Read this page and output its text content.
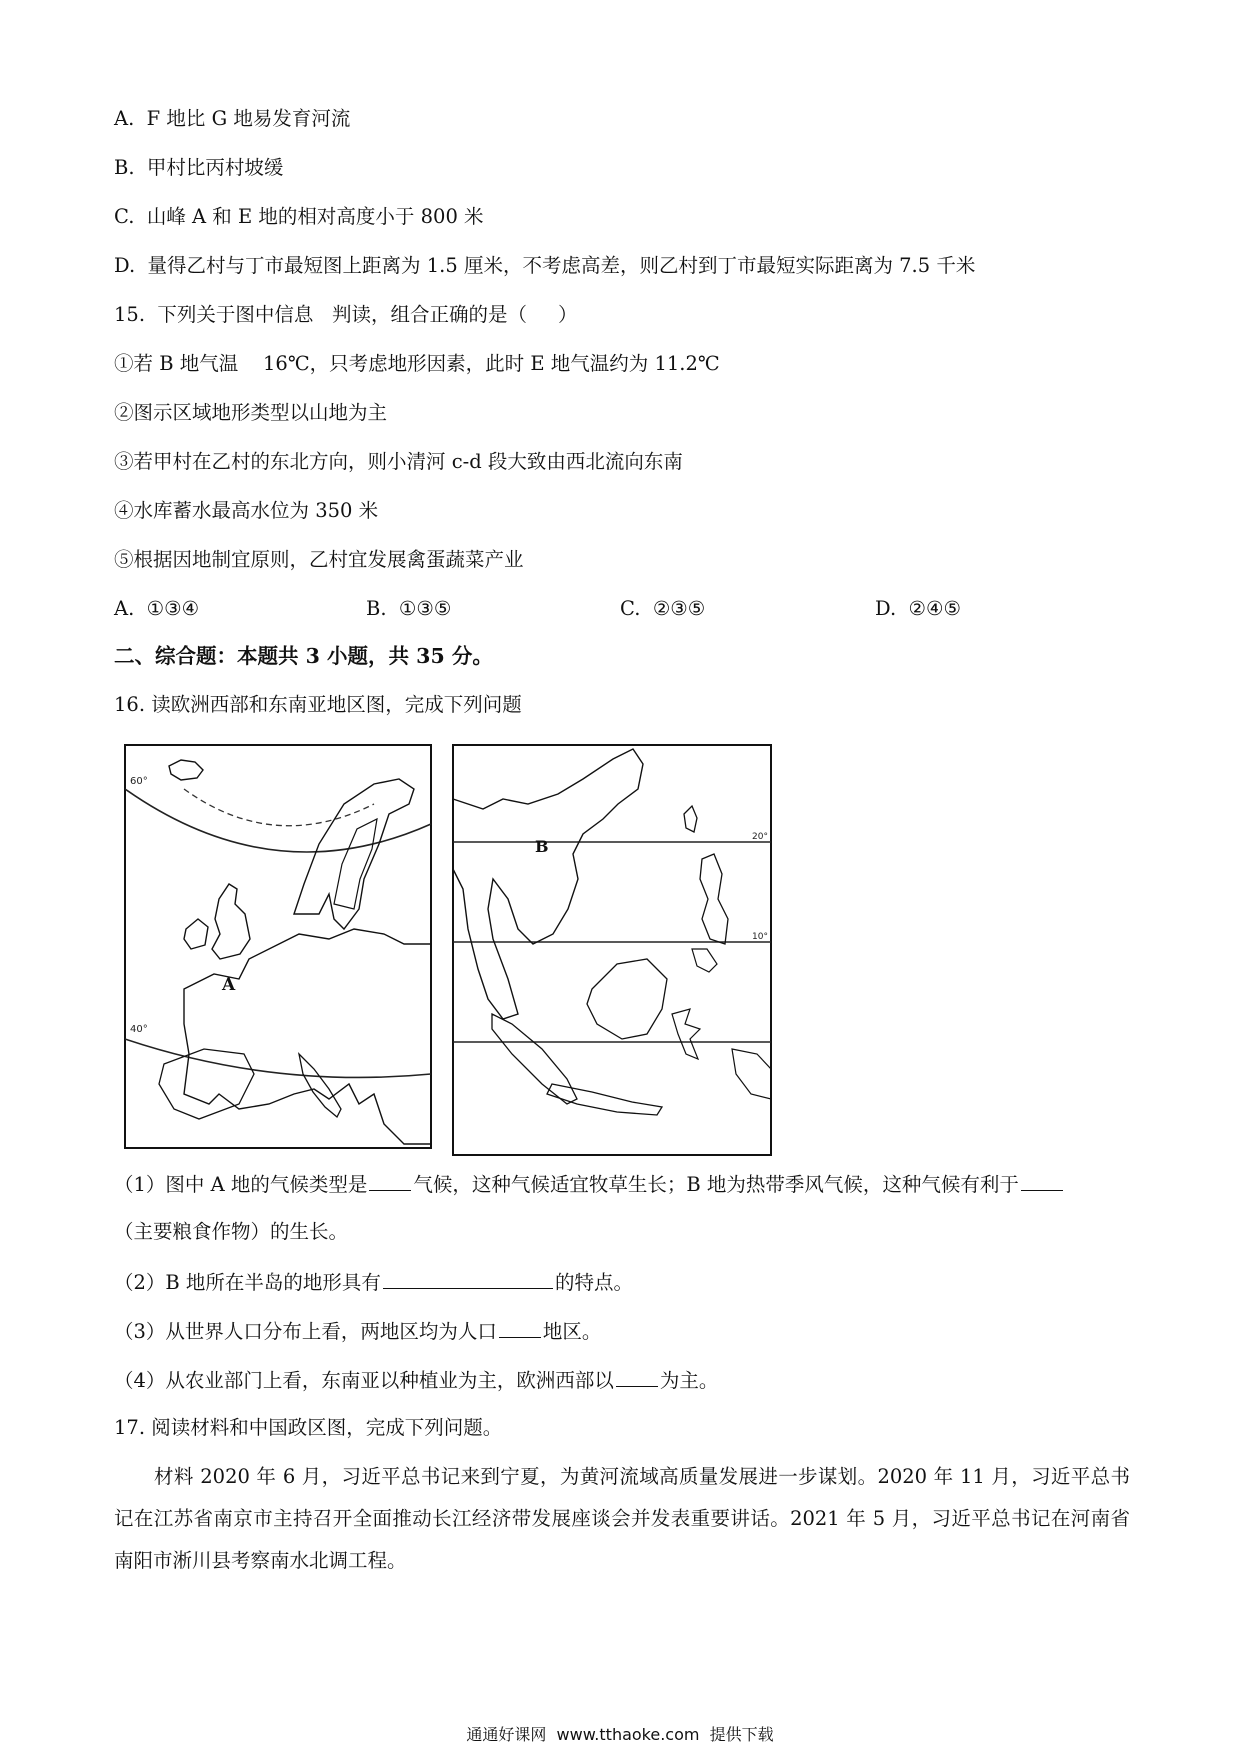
A.  F 地比 G 地易发育河流
B.  甲村比丙村坡缓
C.  山峰 A 和 E 地的相对高度小于 800 米
D.  量得乙村与丁市最短图上距离为 1.5 厘米，不考虑高差，则乙村到丁市最短实际距离为 7.5 千米
15.  下列关于图中信息   判读，组合正确的是（     ）
①若 B 地气温    16℃，只考虑地形因素，此时 E 地气温约为 11.2℃
②图示区域地形类型以山地为主
③若甲村在乙村的东北方向，则小清河 c-d 段大致由西北流向东南
④水库蓄水最高水位为 350 米
⑤根据因地制宜原则，乙村宜发展禽蛋蔬菜产业
A.  ①③④	B.  ①③⑤	C.  ②③⑤	D.  ②④⑤
二、综合题：本题共 3 小题，共 35 分。
16. 读欧洲西部和东南亚地区图，完成下列问题
60°
40°
A
20°
10°
B
（1）图中 A 地的气候类型是 气候，这种气候适宜牧草生长；B 地为热带季风气候，这种气候有利于
（主要粮食作物）的生长。
（2）B 地所在半岛的地形具有	的特点。
（3）从世界人口分布上看，两地区均为人口 地区。
（4）从农业部门上看，东南亚以种植业为主，欧洲西部以 为主。
17. 阅读材料和中国政区图，完成下列问题。
材料 2020 年 6 月，习近平总书记来到宁夏，为黄河流域高质量发展进一步谋划。2020 年 11 月，习近平总书记在江苏省南京市主持召开全面推动长江经济带发展座谈会并发表重要讲话。2021 年 5 月，习近平总书记在河南省南阳市淅川县考察南水北调工程。
通通好课网  www.tthaoke.com  提供下载
